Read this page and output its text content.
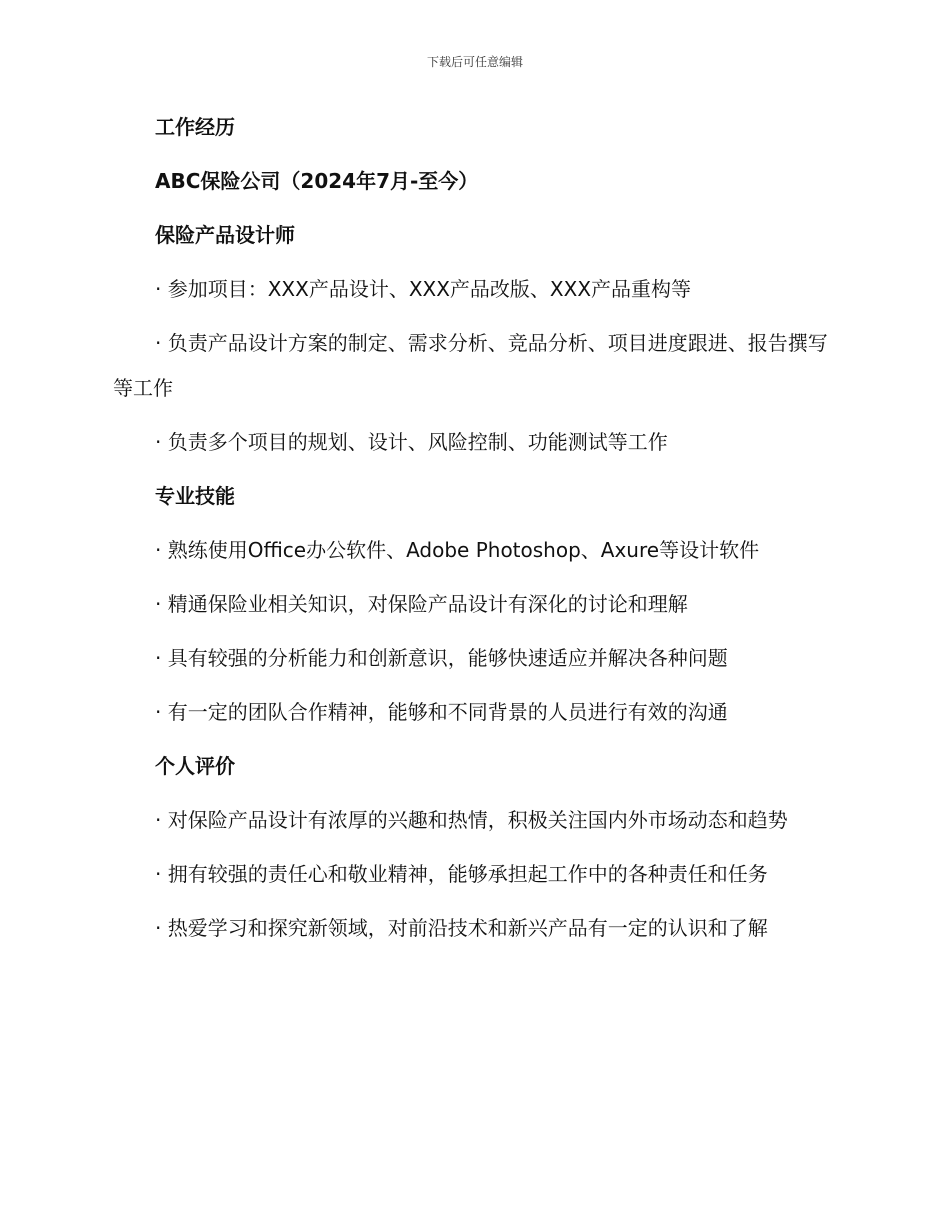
下载后可任意编辑

工作经历

ABC保险公司（2024年7月-至今）

保险产品设计师

· 参加项目：XXX产品设计、XXX产品改版、XXX产品重构等

· 负责产品设计方案的制定、需求分析、竞品分析、项目进度跟进、报告撰写等工作

· 负责多个项目的规划、设计、风险控制、功能测试等工作

专业技能

· 熟练使用Office办公软件、Adobe Photoshop、Axure等设计软件

· 精通保险业相关知识，对保险产品设计有深化的讨论和理解

· 具有较强的分析能力和创新意识，能够快速适应并解决各种问题

· 有一定的团队合作精神，能够和不同背景的人员进行有效的沟通

个人评价

· 对保险产品设计有浓厚的兴趣和热情，积极关注国内外市场动态和趋势

· 拥有较强的责任心和敬业精神，能够承担起工作中的各种责任和任务

· 热爱学习和探究新领域，对前沿技术和新兴产品有一定的认识和了解
